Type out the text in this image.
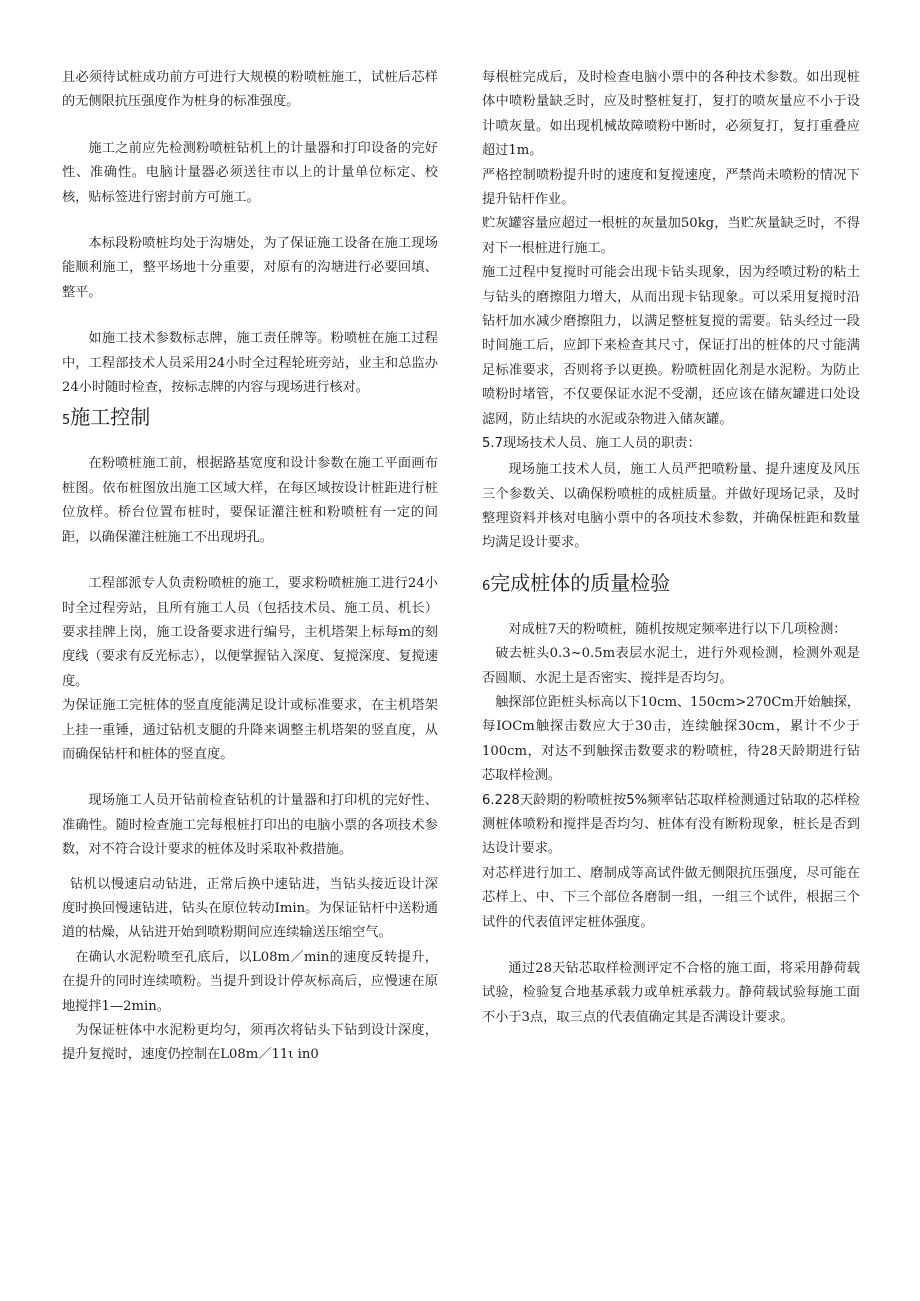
且必须待试桩成功前方可进行大规模的粉喷桩施工，试桩后芯样的无侧限抗压强度作为桩身的标准强度。

施工之前应先检测粉喷桩钻机上的计量器和打印设备的完好性、准确性。电脑计量器必须送往市以上的计量单位标定、校核，贴标签进行密封前方可施工。

本标段粉喷桩均处于沟塘处，为了保证施工设备在施工现场能顺利施工，整平场地十分重要，对原有的沟塘进行必要回填、整平。

如施工技术参数标志牌，施工责任牌等。粉喷桩在施工过程中，工程部技术人员采用24小时全过程轮班旁站，业主和总监办24小时随时检查，按标志牌的内容与现场进行核对。

5施工控制

在粉喷桩施工前，根据路基宽度和设计参数在施工平面画布桩图。依布桩图放出施工区域大样，在每区域按设计桩距进行桩位放样。桥台位置布桩时，要保证灌注桩和粉喷桩有一定的间距，以确保灌注桩施工不出现坍孔。

工程部派专人负责粉喷桩的施工，要求粉喷桩施工进行24小时全过程旁站，且所有施工人员（包括技术员、施工员、机长）要求挂牌上岗，施工设备要求进行编号，主机塔架上标每m的刻度线（要求有反光标志），以便掌握钻入深度、复搅深度、复搅速度。

为保证施工完桩体的竖直度能满足设计或标准要求，在主机塔架上挂一重锤，通过钻机支腿的升降来调整主机塔架的竖直度，从而确保钻杆和桩体的竖直度。

现场施工人员开钻前检查钻机的计量器和打印机的完好性、准确性。随时检查施工完每根桩打印出的电脑小票的各项技术参数，对不符合设计要求的桩体及时采取补救措施。

钻机以慢速启动钻进，正常后换中速钻进，当钻头接近设计深度时换回慢速钻进，钻头在原位转动Imin。为保证钻杆中送粉通道的枯燥，从钻进开始到喷粉期间应连续输送压缩空气。

在确认水泥粉喷至孔底后，以L08m／min的速度反转提升，在提升的同时连续喷粉。当提升到设计停灰标高后，应慢速在原地搅拌1—2min。

为保证桩体中水泥粉更均匀，须再次将钻头下钻到设计深度，提升复搅时，速度仍控制在L08m／11ι in0

每根桩完成后，及时检查电脑小票中的各种技术参数。如出现桩体中喷粉量缺乏时，应及时整桩复打，复打的喷灰量应不小于设计喷灰量。如出现机械故障喷粉中断时，必须复打，复打重叠应超过1m。

严格控制喷粉提升时的速度和复搅速度，严禁尚未喷粉的情况下提升钻杆作业。

贮灰罐容量应超过一根桩的灰量加50kg，当贮灰量缺乏时，不得对下一根桩进行施工。

施工过程中复搅时可能会出现卡钻头现象，因为经喷过粉的粘土与钻头的磨擦阻力增大，从而出现卡钻现象。可以采用复搅时沿钻杆加水减少磨擦阻力，以满足整桩复搅的需要。钻头经过一段时间施工后，应卸下来检查其尺寸，保证打出的桩体的尺寸能满足标准要求，否则将予以更换。粉喷桩固化剂是水泥粉。为防止喷粉时堵管，不仅要保证水泥不受潮，还应该在储灰罐进口处设滤网，防止结块的水泥或杂物进入储灰罐。

5.7现场技术人员、施工人员的职责：

现场施工技术人员，施工人员严把喷粉量、提升速度及风压三个参数关、以确保粉喷桩的成桩质量。并做好现场记录，及时整理资料并核对电脑小票中的各项技术参数，并确保桩距和数量均满足设计要求。

6完成桩体的质量检验

对成桩7天的粉喷桩，随机按规定频率进行以下几项检测：

破去桩头0.3~0.5m表层水泥土，进行外观检测，检测外观是否圆顺、水泥土是否密实、搅拌是否均匀。

触探部位距桩头标高以下10cm、150cm>270Cm开始触探，每IOCm触探击数应大于30击，连续触探30cm，累计不少于100cm，对达不到触探击数要求的粉喷桩，待28天龄期进行钻芯取样检测。

6.228天龄期的粉喷桩按5%频率钻芯取样检测通过钻取的芯样检测桩体喷粉和搅拌是否均匀、桩体有没有断粉现象，桩长是否到达设计要求。

对芯样进行加工、磨制成等高试件做无侧限抗压强度，尽可能在芯样上、中、下三个部位各磨制一组，一组三个试件，根据三个试件的代表值评定桩体强度。

通过28天钻芯取样检测评定不合格的施工面，将采用静荷载试验，检验复合地基承载力或单桩承载力。静荷载试验每施工面不小于3点，取三点的代表值确定其是否满设计要求。
